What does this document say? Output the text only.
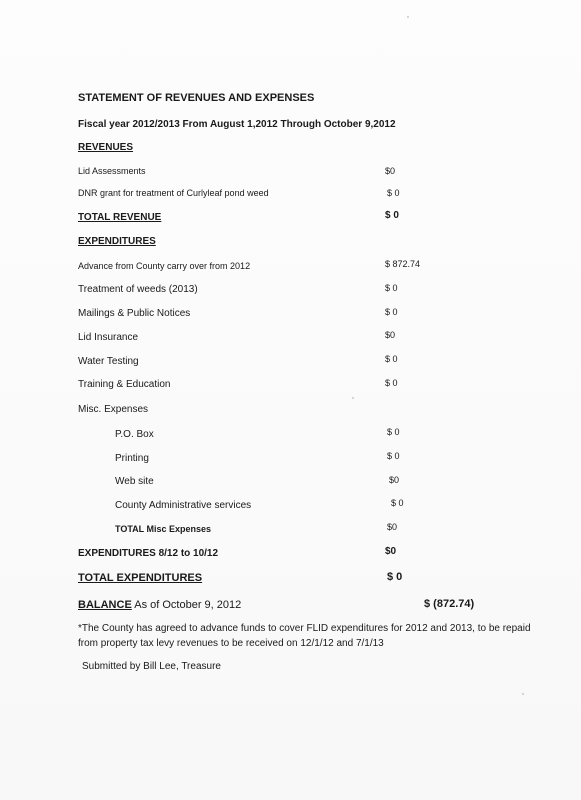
STATEMENT OF REVENUES AND EXPENSES
Fiscal year 2012/2013 From August 1,2012 Through October 9,2012
REVENUES
Lid Assessments	$0
DNR grant for treatment of Curlyleaf pond weed	$ 0
TOTAL REVENUE	$ 0
EXPENDITURES
Advance from County carry over from 2012	$ 872.74
Treatment of weeds (2013)	$ 0
Mailings & Public Notices	$ 0
Lid Insurance	$0
Water Testing	$ 0
Training & Education	$ 0
Misc. Expenses
P.O. Box	$ 0
Printing	$ 0
Web site	$0
County Administrative services	$ 0
TOTAL Misc Expenses	$0
EXPENDITURES 8/12 to 10/12	$0
TOTAL EXPENDITURES	$ 0
BALANCE As of October 9, 2012	$ (872.74)
*The County has agreed to advance funds to cover FLID expenditures for 2012 and 2013, to be repaid from property tax levy revenues to be received on 12/1/12 and 7/1/13
Submitted by Bill Lee, Treasure
